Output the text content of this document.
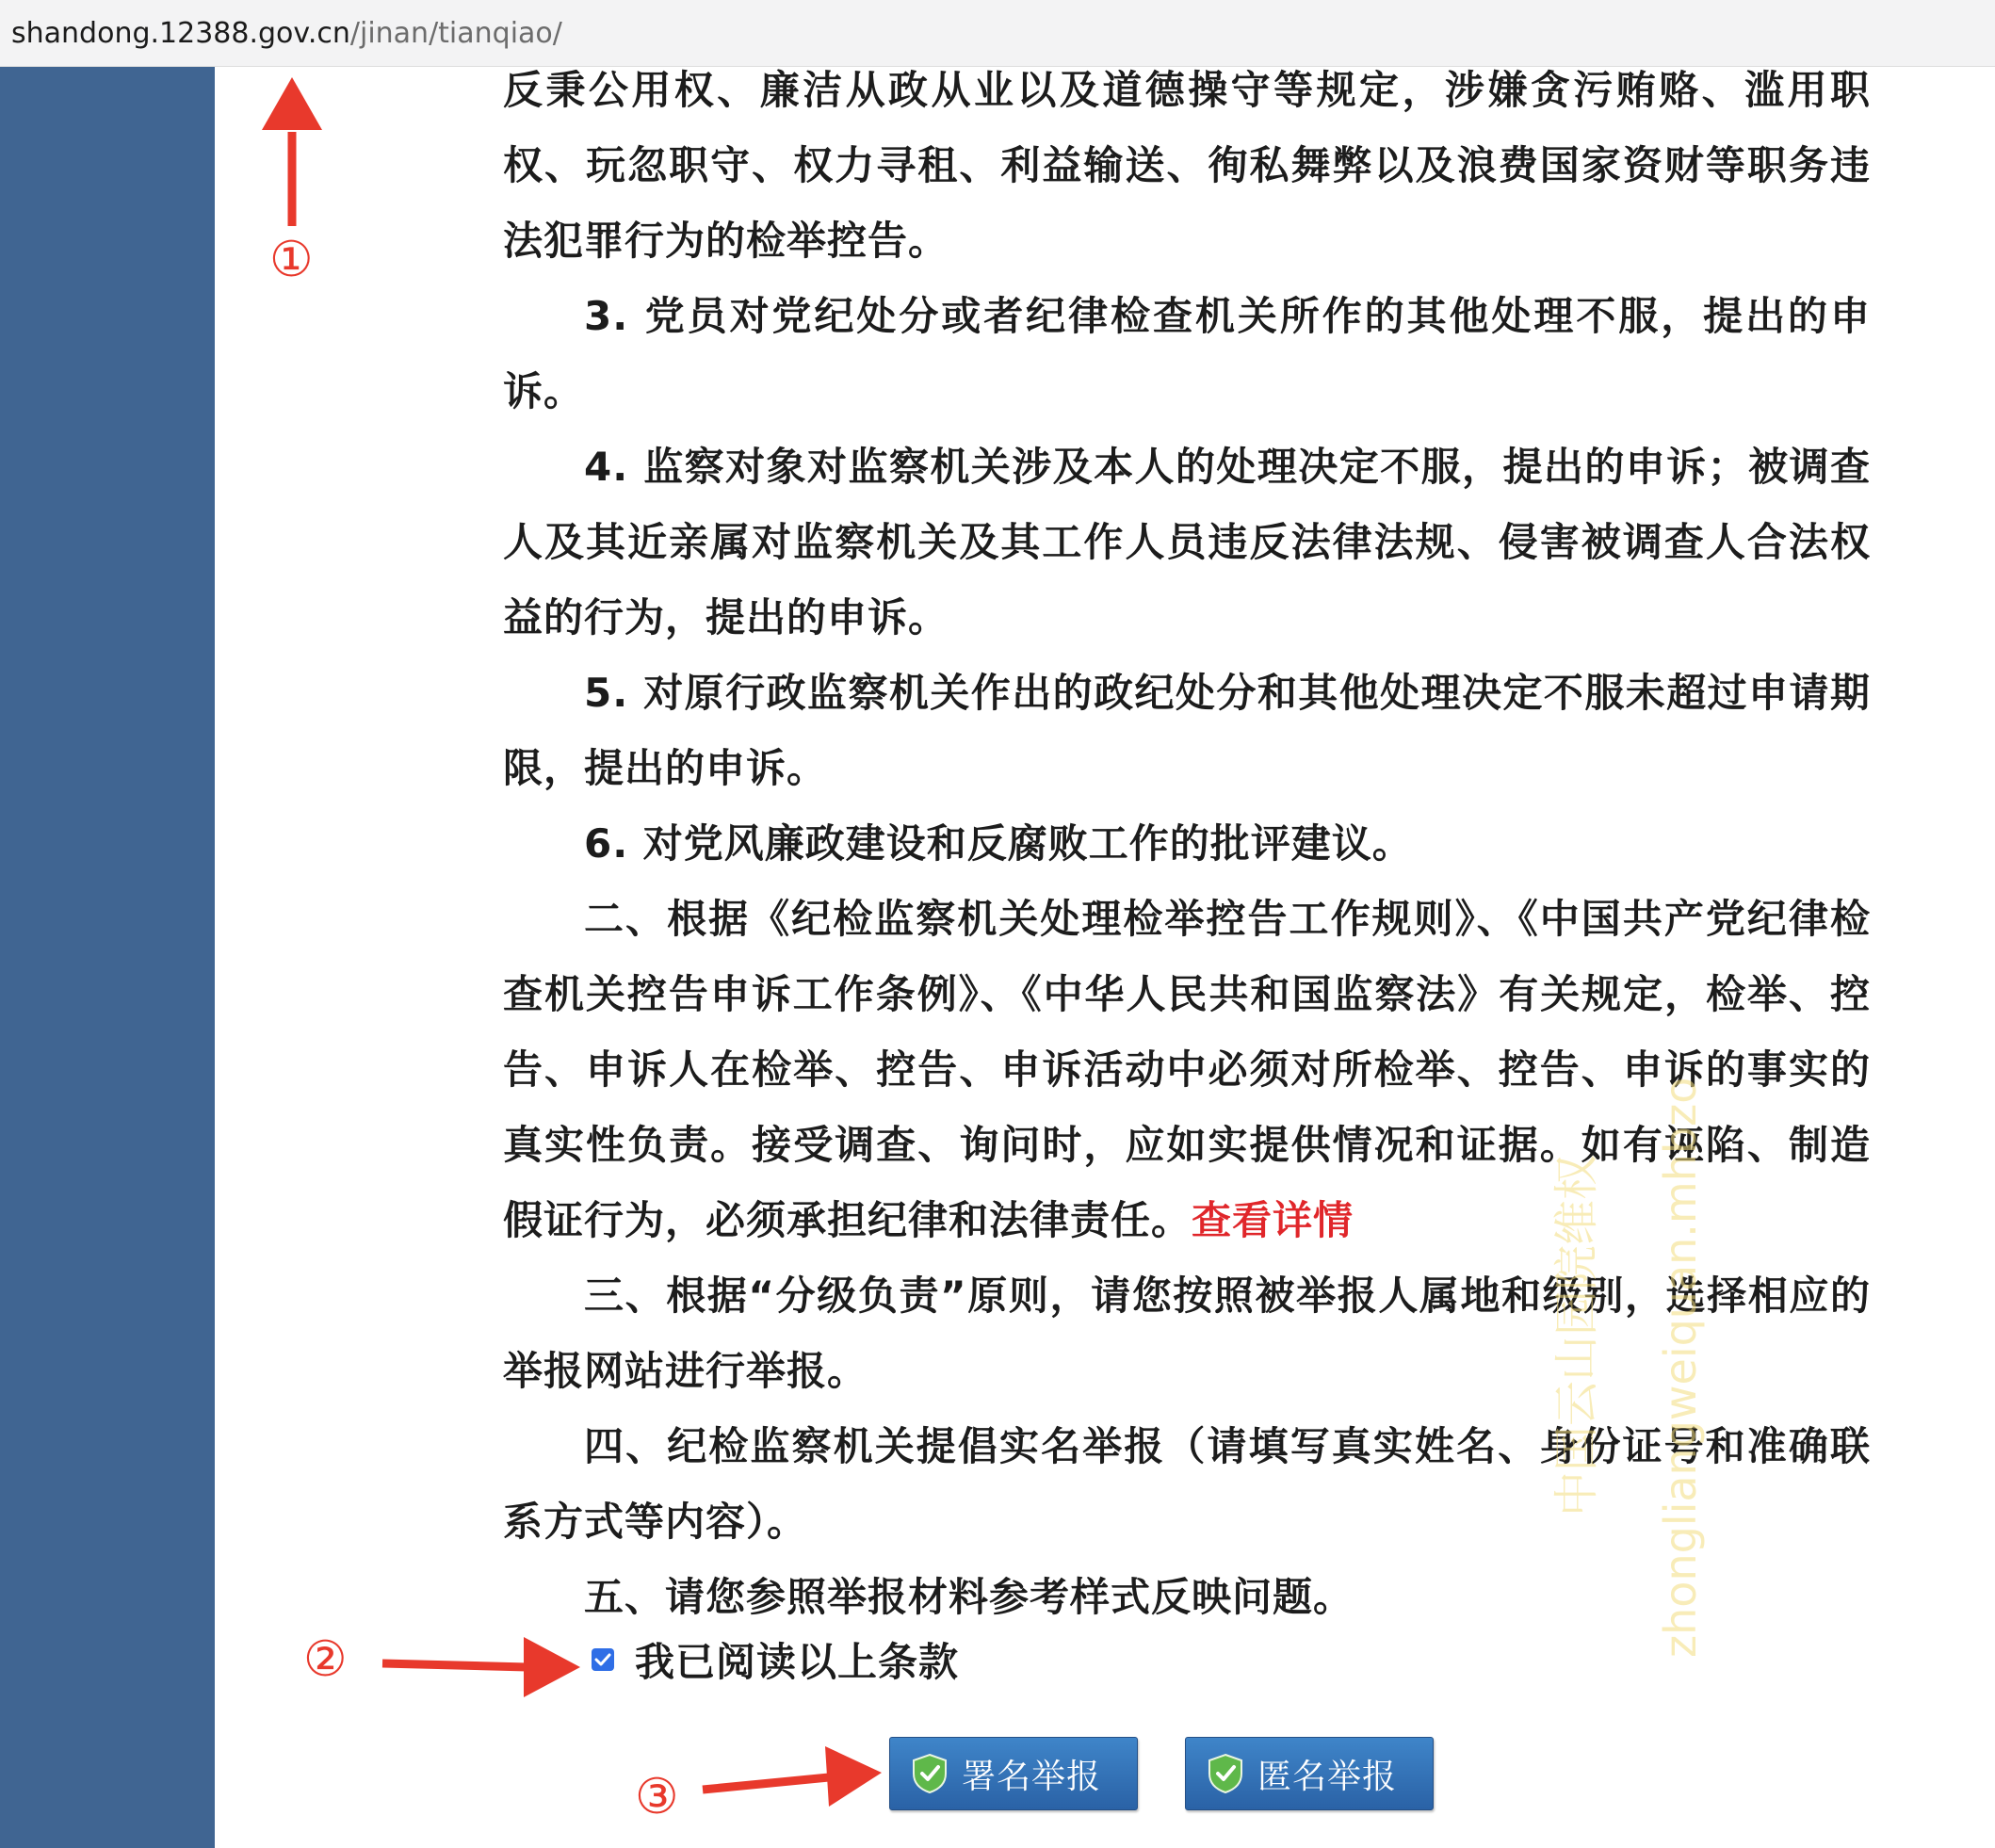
shandong.12388.gov.cn/jinan/tianqiao/

反秉公用权、廉洁从政从业以及道德操守等规定，涉嫌贪污贿赂、滥用职权、玩忽职守、权力寻租、利益输送、徇私舞弊以及浪费国家资财等职务违法犯罪行为的检举控告。

3. 党员对党纪处分或者纪律检查机关所作的其他处理不服，提出的申诉。

4. 监察对象对监察机关涉及本人的处理决定不服，提出的申诉；被调查人及其近亲属对监察机关及其工作人员违反法律法规、侵害被调查人合法权益的行为，提出的申诉。

5. 对原行政监察机关作出的政纪处分和其他处理决定不服未超过申请期限，提出的申诉。

6. 对党风廉政建设和反腐败工作的批评建议。

二、根据《纪检监察机关处理检举控告工作规则》、《中国共产党纪律检查机关控告申诉工作条例》、《中华人民共和国监察法》有关规定，检举、控告、申诉人在检举、控告、申诉活动中必须对所检举、控告、申诉的事实的真实性负责。接受调查、询问时，应如实提供情况和证据。如有诬陷、制造假证行为，必须承担纪律和法律责任。查看详情

三、根据“分级负责”原则，请您按照被举报人属地和级别，选择相应的举报网站进行举报。

四、纪检监察机关提倡实名举报（请填写真实姓名、身份证号和准确联系方式等内容）。

五、请您参照举报材料参考样式反映问题。

中国云山园院维权 zhongliangweiquan.mhbzo
我已阅读以上条款
署名举报	匿名举报
①
②
③
